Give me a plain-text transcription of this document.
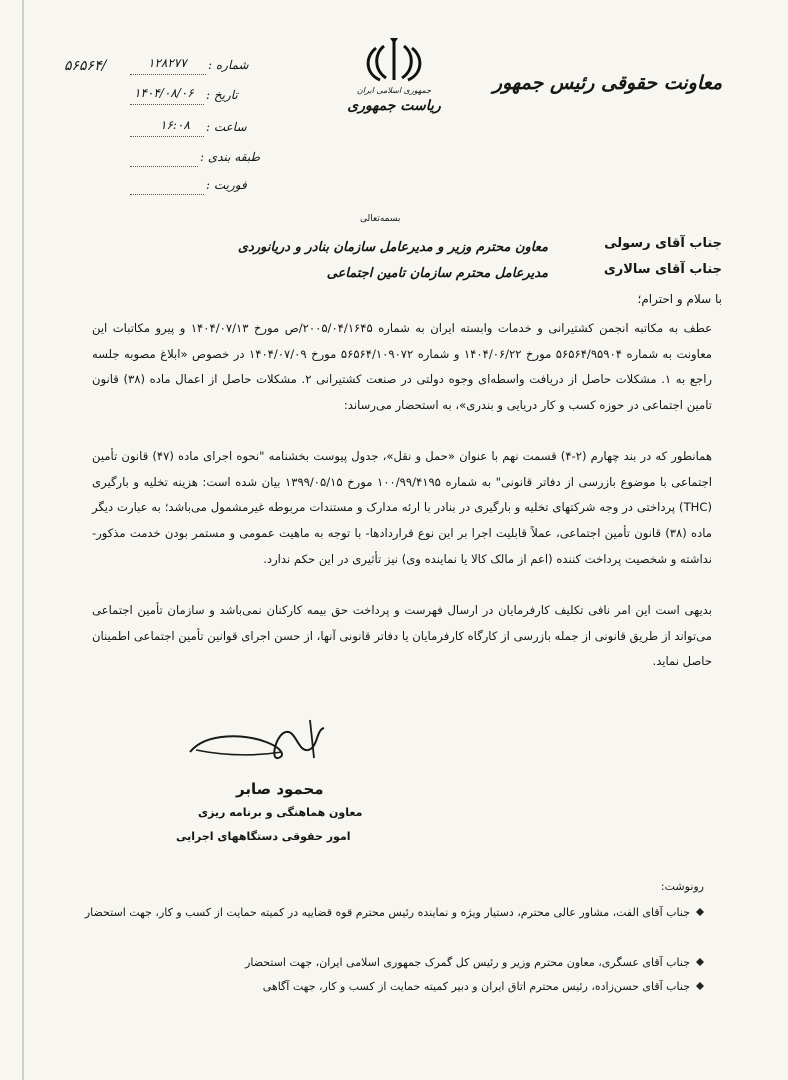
معاونت حقوقی رئیس جمهور
جمهوری اسلامی ایران
ریاست جمهوری
۵۶۵۶۴/	شماره :
۱۲۸۲۷۷
تاریخ :
۱۴۰۴/۰۸/۰۶
ساعت :
۱۶:۰۸
طبقه بندی :
فوریت :
بسمه‌تعالی
جناب آقای رسولی
معاون محترم وزیر و مدیرعامل سازمان بنادر و دریانوردی
جناب آقای سالاری
مدیرعامل محترم سازمان تامین اجتماعی
با سلام و احترام؛
عطف به مکاتبه انجمن کشتیرانی و خدمات وابسته ایران به شماره ۲۰۰۵/۰۴/۱۶۴۵/ص مورخ ۱۴۰۴/۰۷/۱۳ و پیرو مکاتبات این معاونت به شماره ۵۶۵۶۴/۹۵۹۰۴ مورخ ۱۴۰۴/۰۶/۲۲ و شماره ۵۶۵۶۴/۱۰۹۰۷۲ مورخ ۱۴۰۴/۰۷/۰۹ در خصوص «ابلاغ مصوبه جلسه راجع به ۱. مشکلات حاصل از دریافت واسطه‌ای وجوه دولتی در صنعت کشتیرانی ۲. مشکلات حاصل از اعمال ماده (۳۸) قانون تامین اجتماعی در حوزه کسب و کار دریایی و بندری»، به استحضار می‌رساند:
همانطور که در بند چهارم (۲-۴) قسمت نهم با عنوان «حمل و نقل»، جدول پیوست بخشنامه "نحوه اجرای ماده (۴۷) قانون تأمین اجتماعی با موضوع بازرسی از دفاتر قانونی" به شماره ۱۰۰/۹۹/۴۱۹۵ مورخ ۱۳۹۹/۰۵/۱۵ بیان شده است: هزینه تخلیه و بارگیری (THC) پرداختی در وجه شرکتهای تخلیه و بارگیری در بنادر با ارئه مدارک و مستندات مربوطه غیرمشمول می‌باشد؛ به عبارت دیگر ماده (۳۸) قانون تأمین اجتماعی، عملاً قابلیت اجرا بر این نوع قراردادها- با توجه به ماهیت عمومی و مستمر بودن خدمت مذکور- نداشته و شخصیت پرداخت کننده (اعم از مالک کالا یا نماینده وی) نیز تأثیری در این حکم ندارد.
بدیهی است این امر نافی تکلیف کارفرمایان در ارسال فهرست و پرداخت حق بیمه کارکنان نمی‌باشد و سازمان تأمین اجتماعی می‌تواند از طریق قانونی از جمله بازرسی از کارگاه کارفرمایان یا دفاتر قانونی آنها، از حسن اجرای قوانین تأمین اجتماعی اطمینان حاصل نماید.
محمود صابر
معاون هماهنگی و برنامه ریزی
امور حقوقی دستگاههای اجرایی
رونوشت:
جناب آقای الفت، مشاور عالی محترم، دستیار ویژه و نماینده رئیس محترم قوه قضاییه در کمیته حمایت از کسب و کار، جهت استحضار
جناب آقای عسگری، معاون محترم وزیر و رئیس کل گمرک جمهوری اسلامی ایران، جهت استحضار
جناب آقای حسن‌زاده، رئیس محترم اتاق ایران و دبیر کمیته حمایت از کسب و کار، جهت آگاهی
